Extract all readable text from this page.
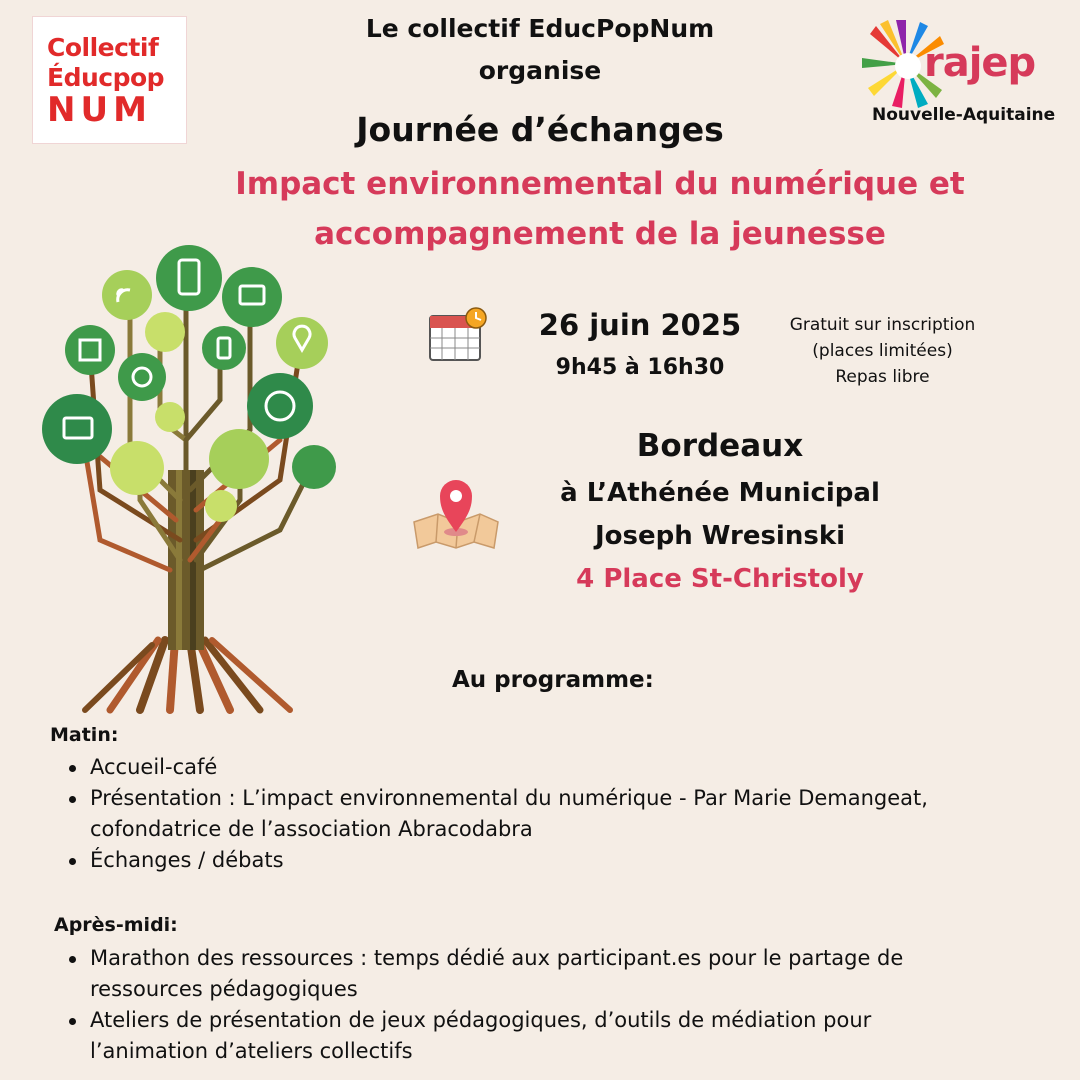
Collectif
Éducpop
NUM
rajep
Nouvelle-Aquitaine
Le collectif EducPopNum
organise
Journée d’échanges
Impact environnemental du numérique et
accompagnement de la jeunesse
26 juin 2025
9h45 à 16h30
Gratuit sur inscription
(places limitées)
Repas libre
Bordeaux
à L’Athénée Municipal
Joseph Wresinski
4 Place St-Christoly
Au programme:
Matin:
Accueil-café
Présentation : L’impact environnemental du numérique - Par Marie Demangeat,
cofondatrice de l’association Abracodabra
Échanges / débats
Après-midi:
Marathon des ressources : temps dédié aux participant.es pour le partage de
ressources pédagogiques
Ateliers de présentation de jeux pédagogiques, d’outils de médiation pour
l’animation d’ateliers collectifs
